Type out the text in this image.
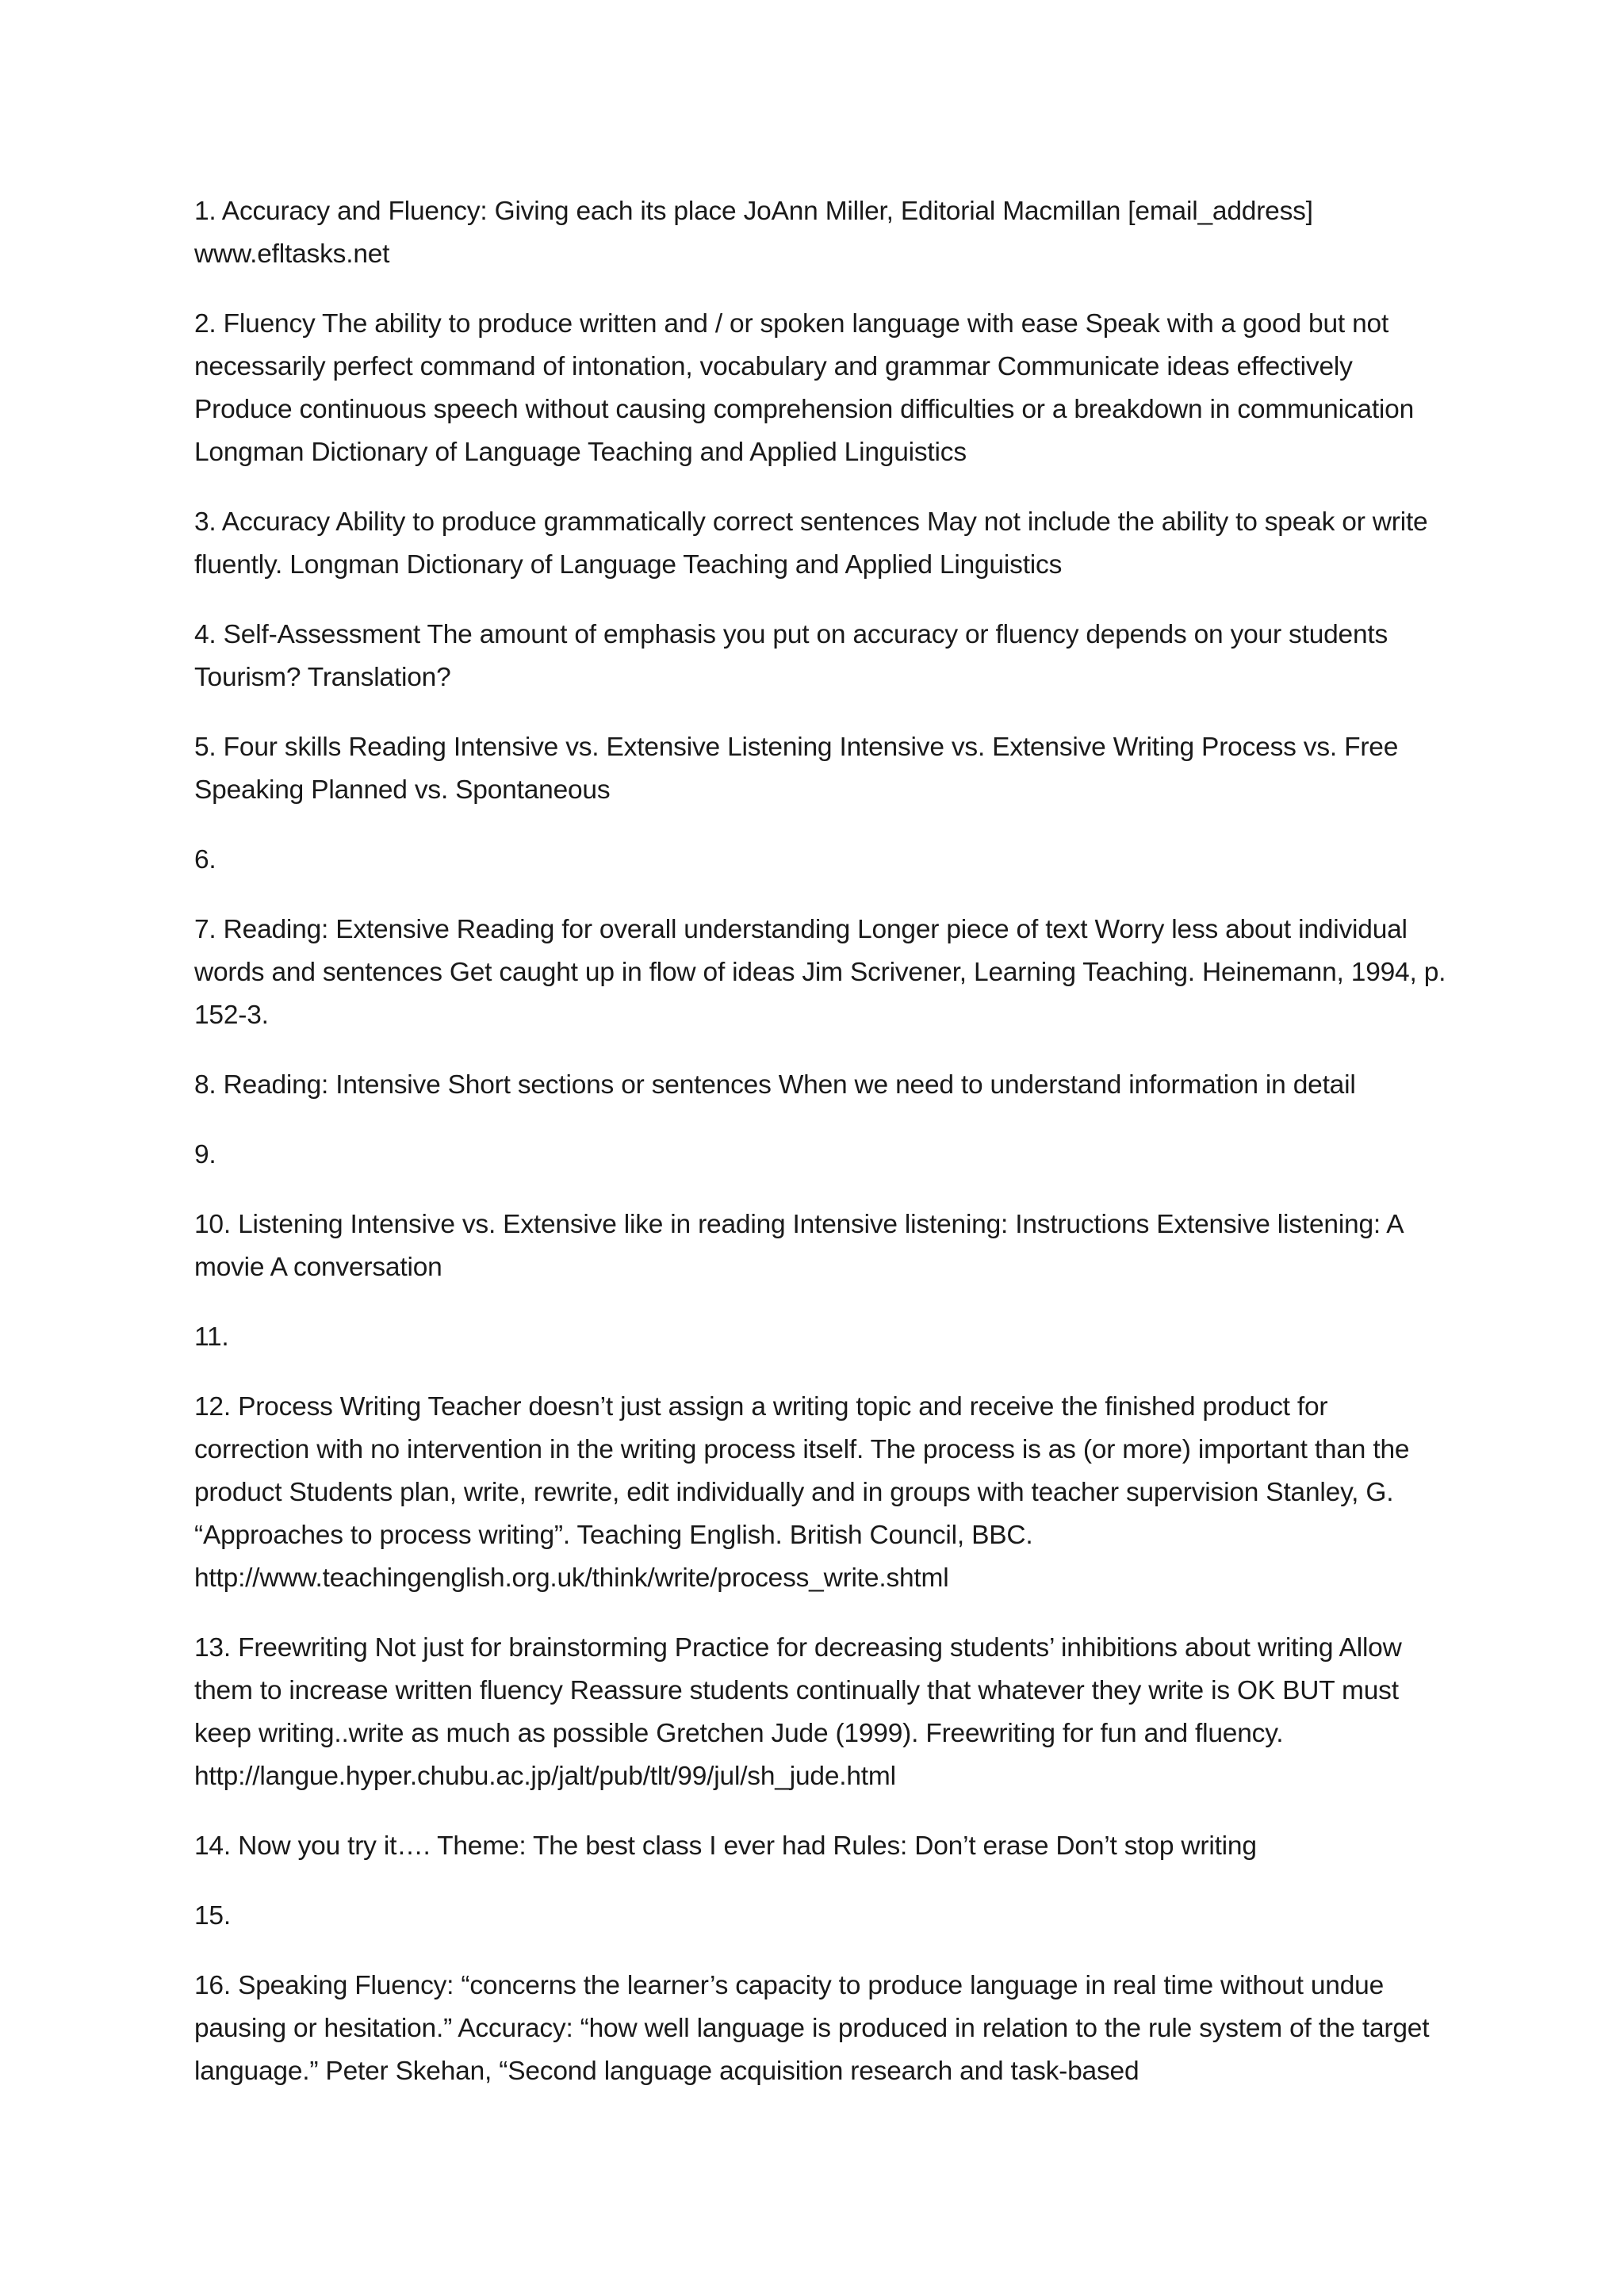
1. Accuracy and Fluency: Giving each its place JoAnn Miller, Editorial Macmillan [email_address] www.efltasks.net

2. Fluency The ability to produce written and / or spoken language with ease Speak with a good but not necessarily perfect command of intonation, vocabulary and grammar Communicate ideas effectively Produce continuous speech without causing comprehension difficulties or a breakdown in communication Longman Dictionary of Language Teaching and Applied Linguistics

3. Accuracy Ability to produce grammatically correct sentences May not include the ability to speak or write fluently. Longman Dictionary of Language Teaching and Applied Linguistics

4. Self-Assessment The amount of emphasis you put on accuracy or fluency depends on your students Tourism? Translation?

5. Four skills Reading Intensive vs. Extensive Listening Intensive vs. Extensive Writing Process vs. Free Speaking Planned vs. Spontaneous

6.

7. Reading: Extensive Reading for overall understanding Longer piece of text Worry less about individual words and sentences Get caught up in flow of ideas Jim Scrivener, Learning Teaching. Heinemann, 1994, p. 152-3.

8. Reading: Intensive Short sections or sentences When we need to understand information in detail

9.

10. Listening Intensive vs. Extensive like in reading Intensive listening: Instructions Extensive listening: A movie A conversation

11.

12. Process Writing Teacher doesn’t just assign a writing topic and receive the finished product for correction with no intervention in the writing process itself. The process is as (or more) important than the product Students plan, write, rewrite, edit individually and in groups with teacher supervision Stanley, G. “Approaches to process writing”. Teaching English. British Council, BBC. http://www.teachingenglish.org.uk/think/write/process_write.shtml

13. Freewriting Not just for brainstorming Practice for decreasing students’ inhibitions about writing Allow them to increase written fluency Reassure students continually that whatever they write is OK BUT must keep writing..write as much as possible Gretchen Jude (1999). Freewriting for fun and fluency. http://langue.hyper.chubu.ac.jp/jalt/pub/tlt/99/jul/sh_jude.html

14. Now you try it…. Theme: The best class I ever had Rules: Don’t erase Don’t stop writing

15.

16. Speaking Fluency: “concerns the learner’s capacity to produce language in real time without undue pausing or hesitation.” Accuracy: “how well language is produced in relation to the rule system of the target language.” Peter Skehan, “Second language acquisition research and task-based
